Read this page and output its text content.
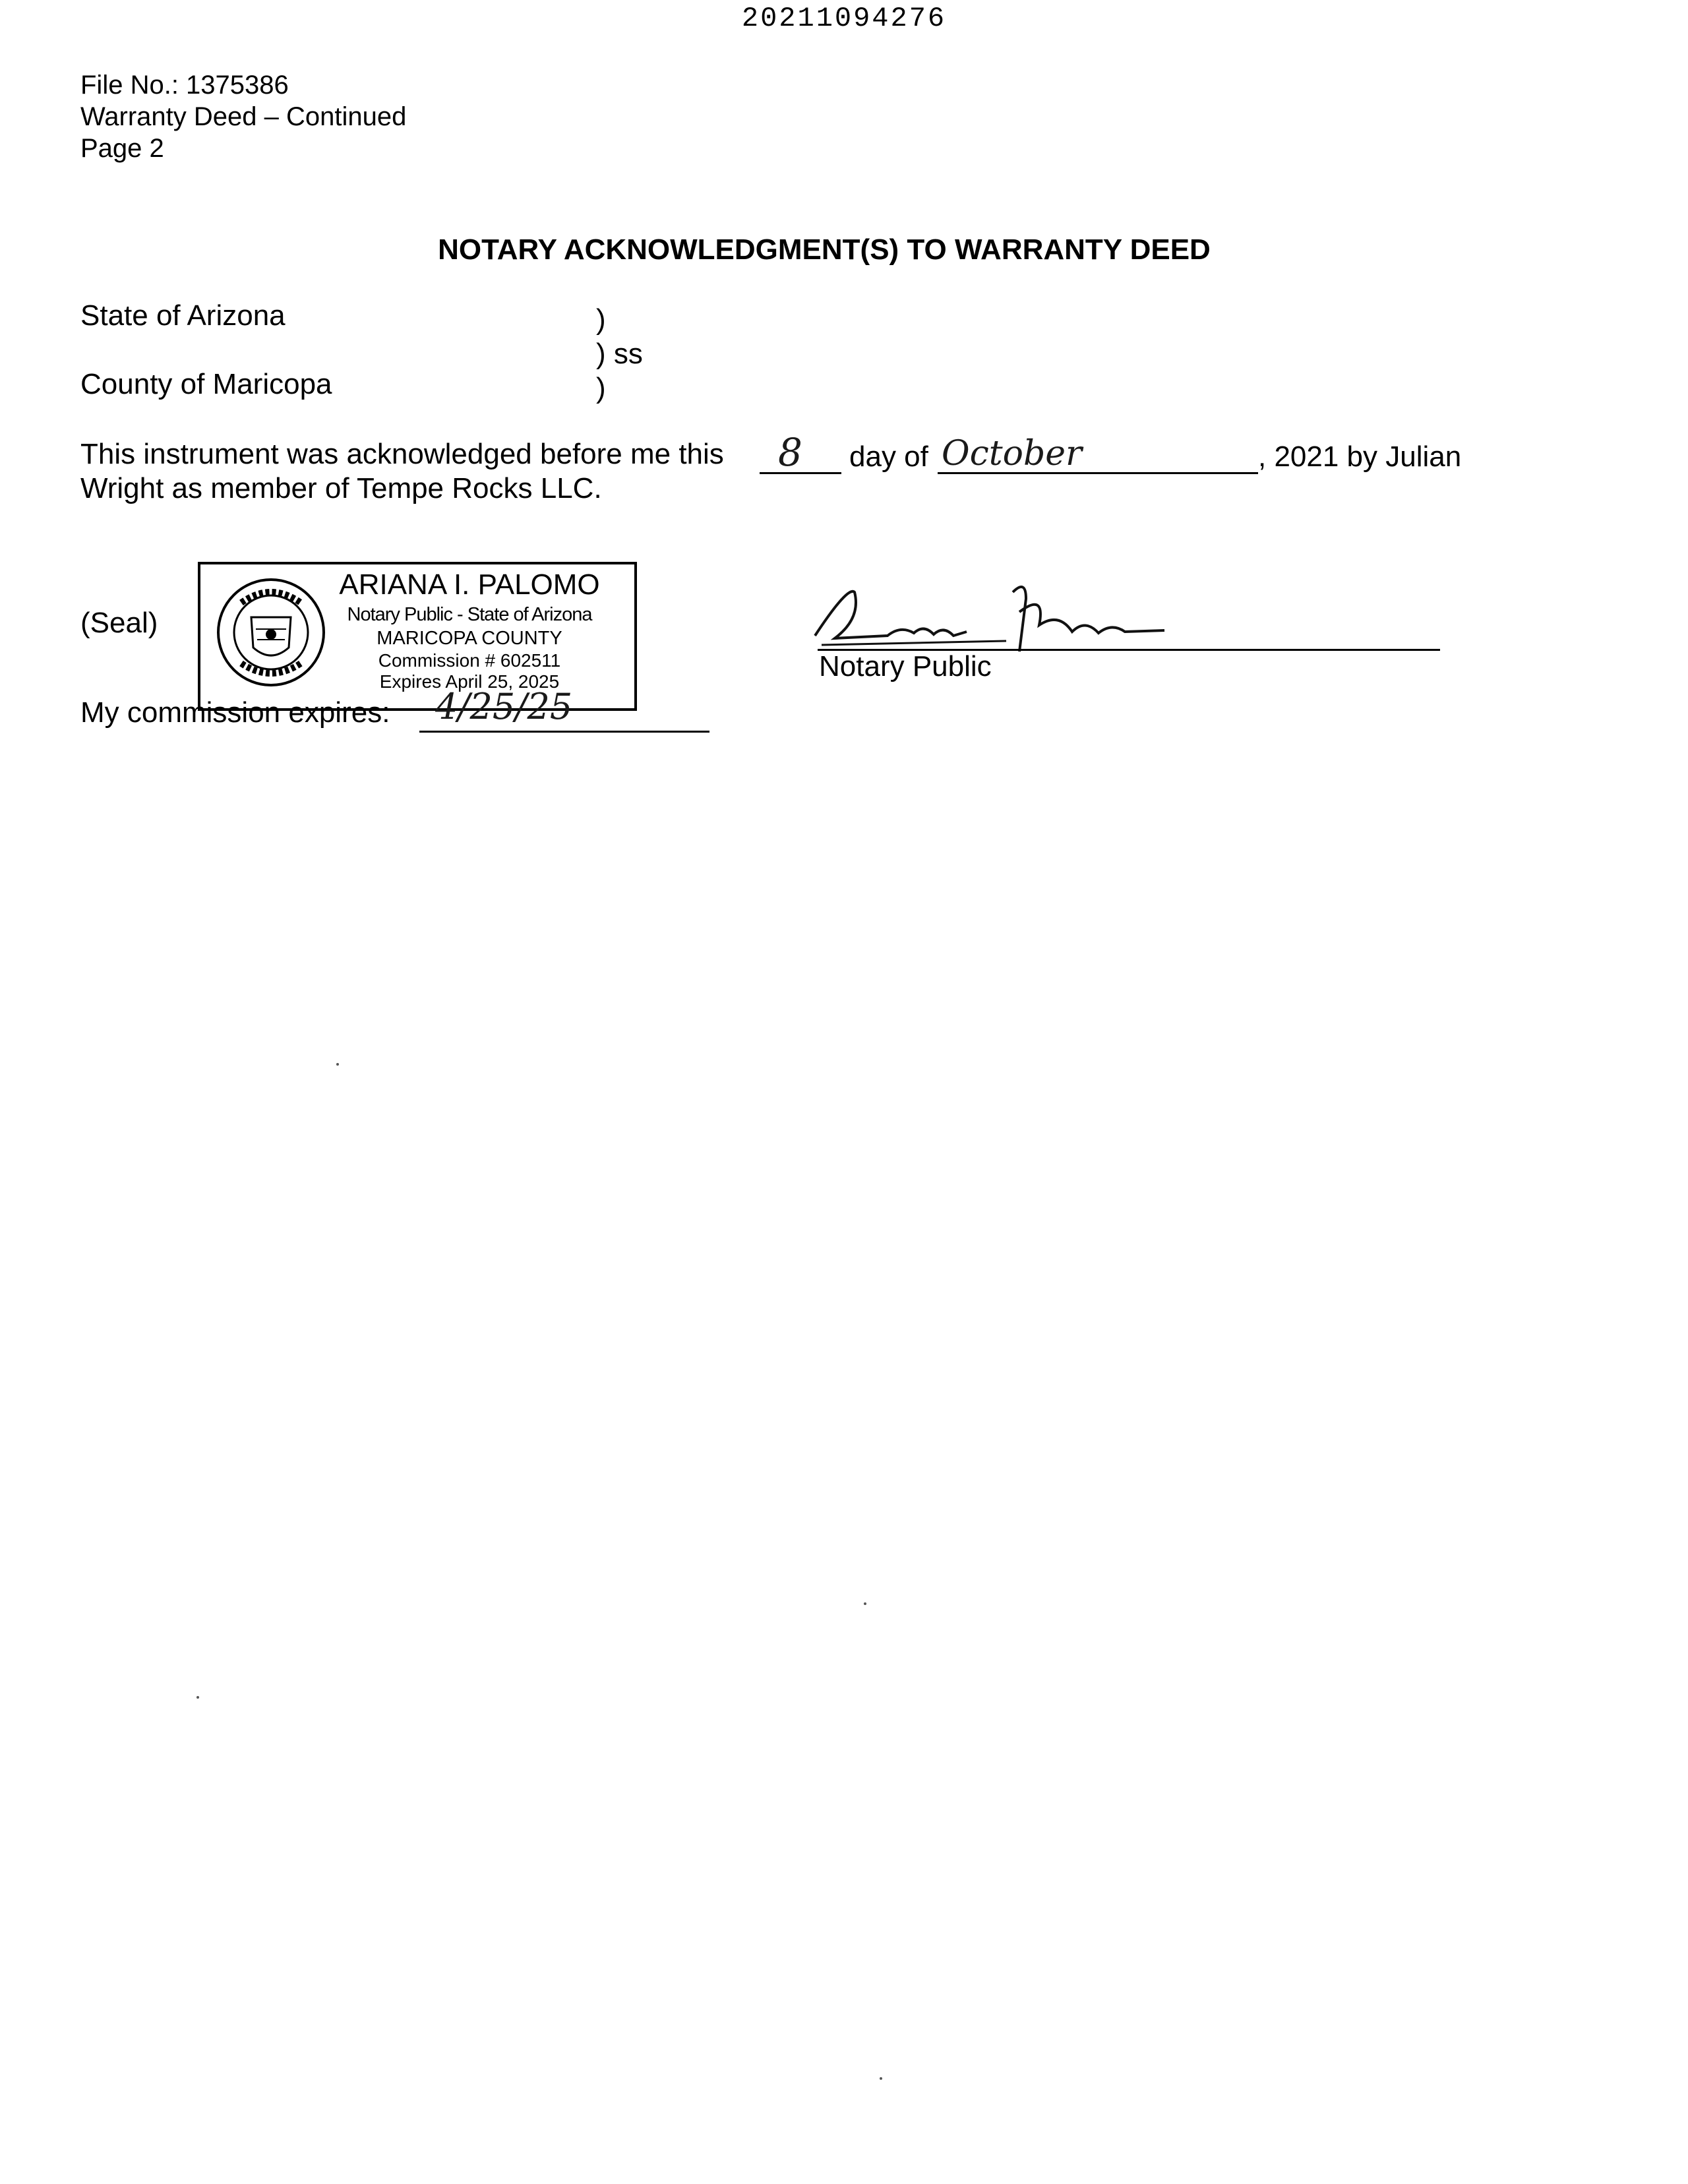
20211094276
File No.: 1375386
Warranty Deed – Continued
Page 2
NOTARY ACKNOWLEDGMENT(S) TO WARRANTY DEED
State of Arizona
County of Maricopa
)
) ss
)
This instrument was acknowledged before me this 8 day of October	, 2021 by Julian
Wright as member of Tempe Rocks LLC.
(Seal)
ARIANA I. PALOMO
Notary Public - State of Arizona
MARICOPA COUNTY
Commission # 602511
Expires April 25, 2025	Notary Public
My commission expires: 4/25/25
